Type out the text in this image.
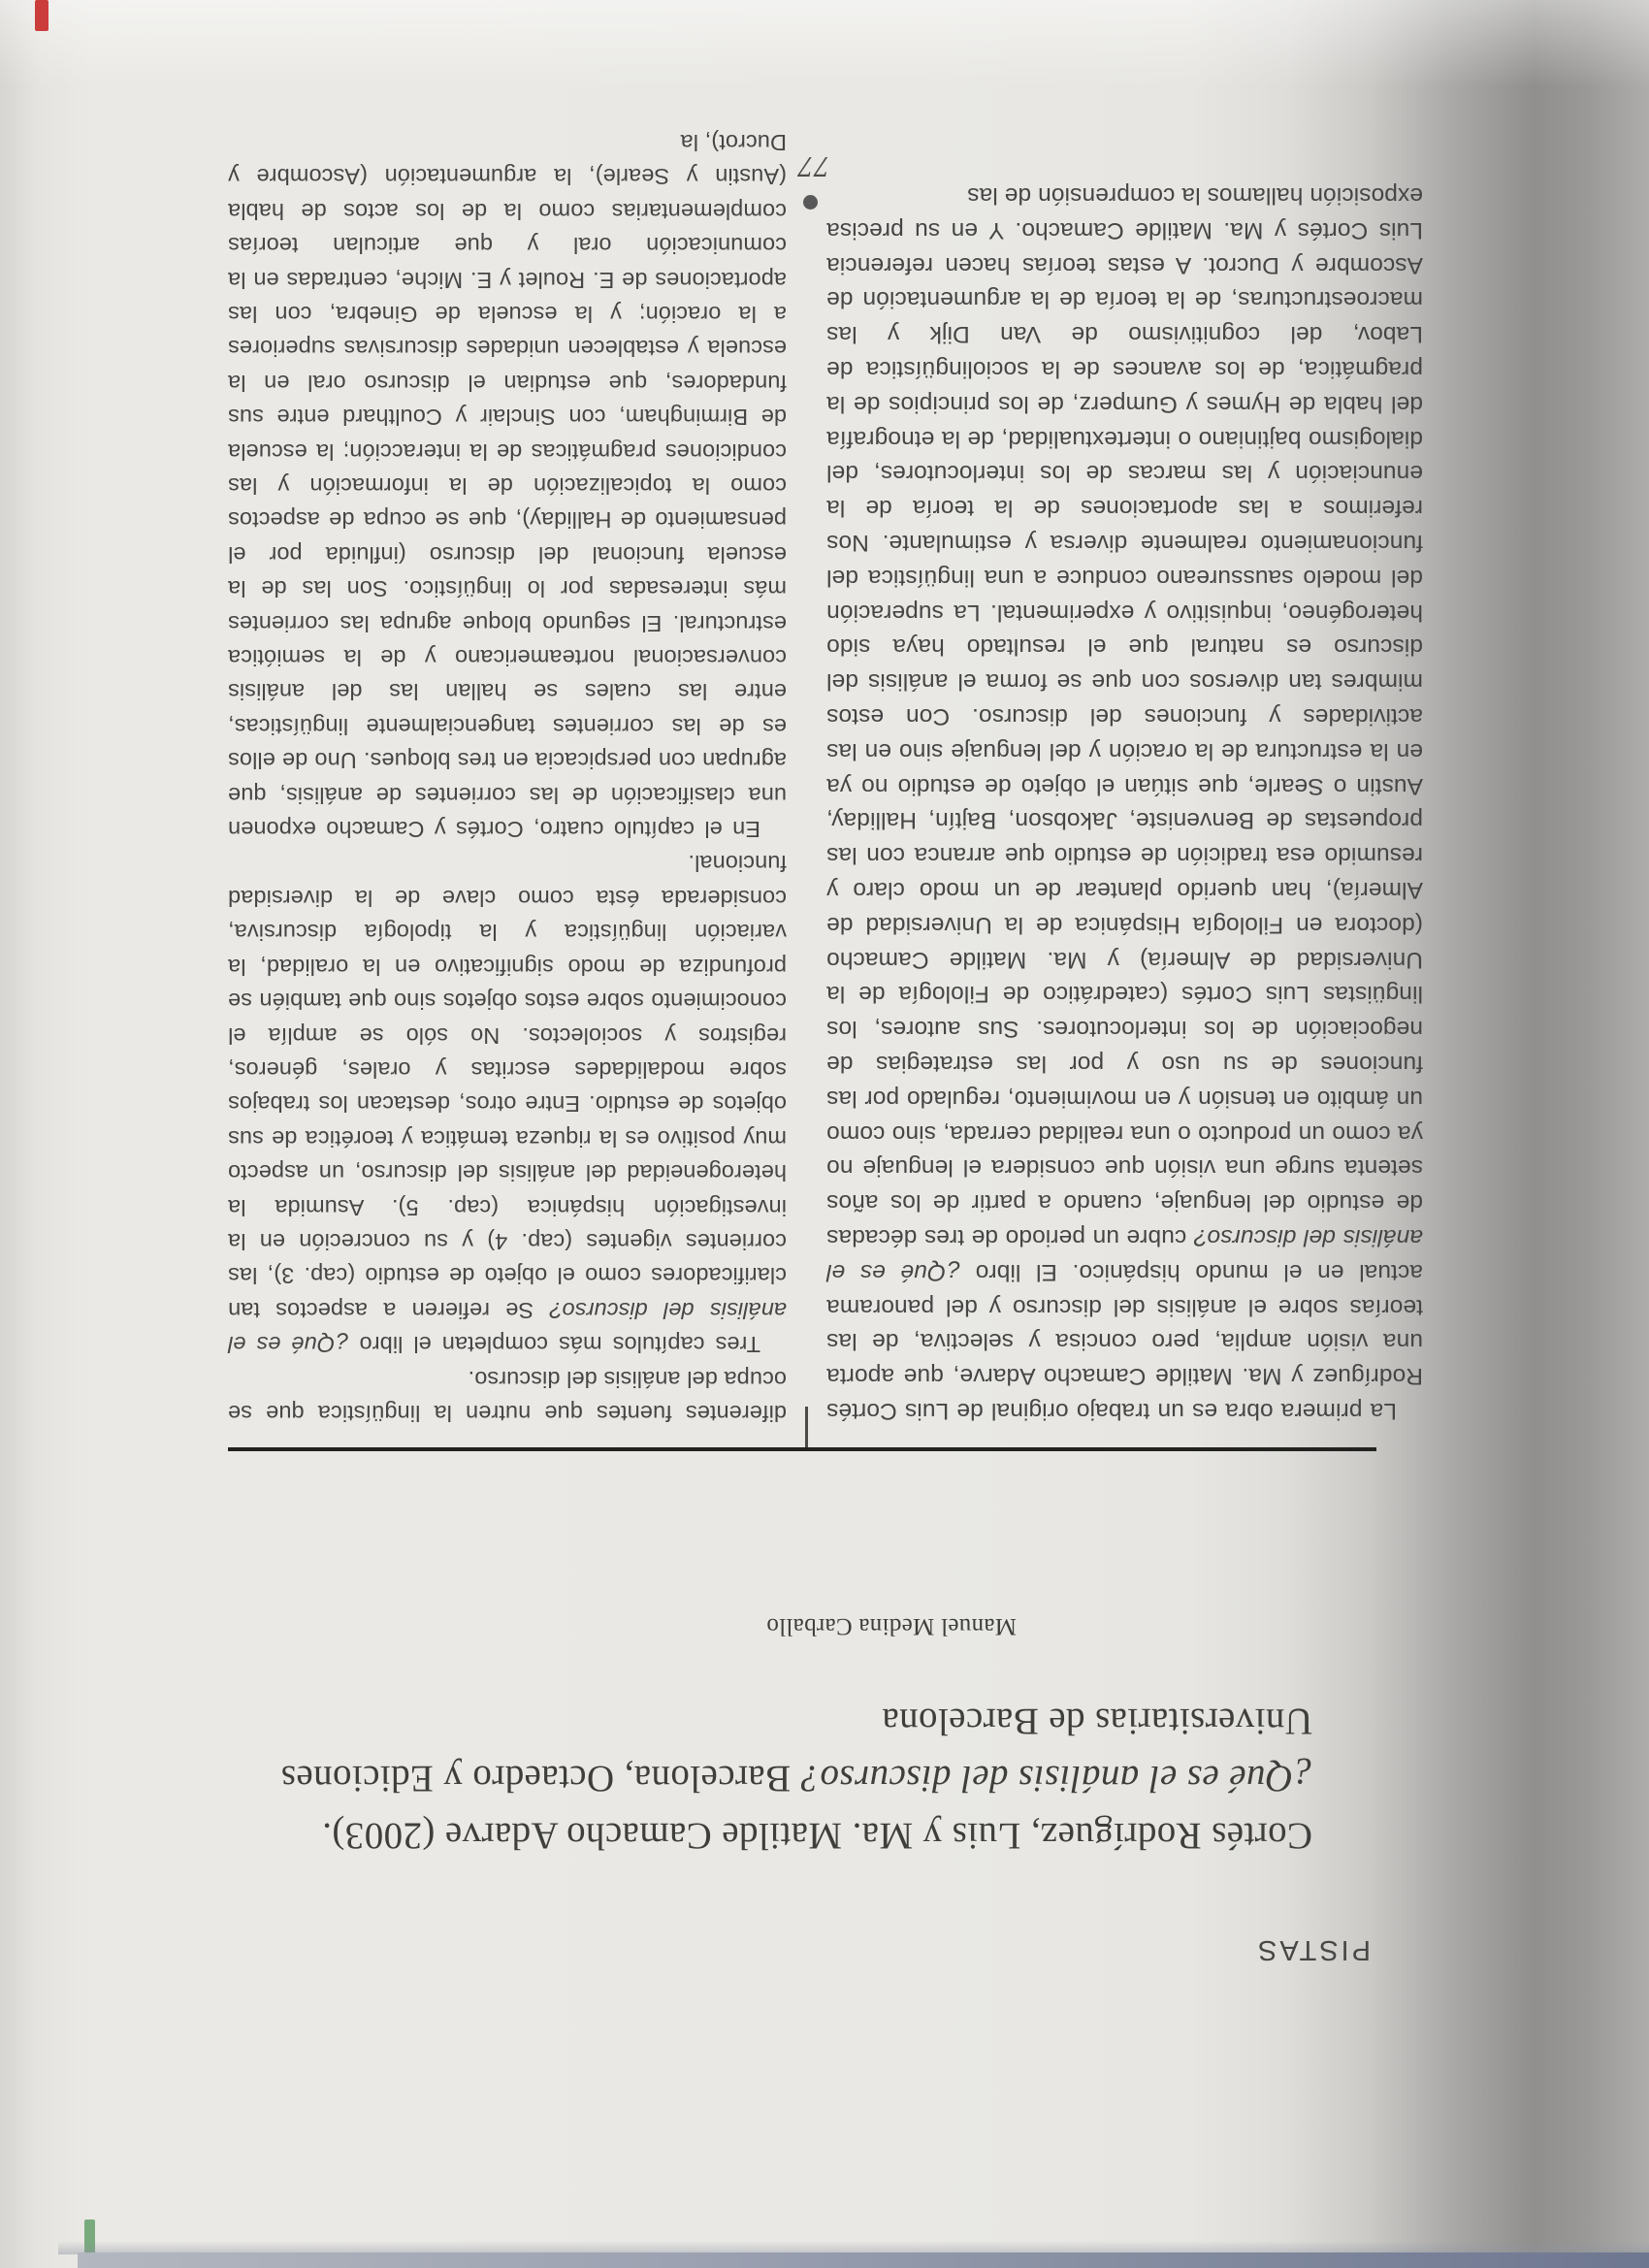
PISTAS
Cortés Rodríguez, Luis y Ma. Matilde Camacho Adarve (2003).
¿Qué es el análisis del discurso? Barcelona, Octaedro y Ediciones
Universitarias de Barcelona
Manuel Medina Carballo

La primera obra es un trabajo original de Luis Cortés Rodríguez y Ma. Matilde Camacho Adarve, que aporta una visión amplia, pero concisa y selectiva, de las teorías sobre el análisis del discurso y del panorama actual en el mundo hispánico. El libro ¿Qué es el análisis del discurso? cubre un periodo de tres décadas de estudio del lenguaje, cuando a partir de los años setenta surge una visión que considera el lenguaje no ya como un producto o una realidad cerrada, sino como un ámbito en tensión y en movimiento, regulado por las funciones de su uso y por las estrategias de negociación de los interlocutores. Sus autores, los lingüistas Luis Cortés (catedrático de Filología de la Universidad de Almería) y Ma. Matilde Camacho (doctora en Filología Hispánica de la Universidad de Almería), han querido plantear de un modo claro y resumido esa tradición de estudio que arranca con las propuestas de Benveniste, Jakobson, Bajtín, Halliday, Austin o Searle, que sitúan el objeto de estudio no ya en la estructura de la oración y del lenguaje sino en las actividades y funciones del discurso. Con estos mimbres tan diversos con que se forma el análisis del discurso es natural que el resultado haya sido heterogéneo, inquisitivo y experimental. La superación del modelo saussureano conduce a una lingüística del funcionamiento realmente diversa y estimulante. Nos referimos a las aportaciones de la teoría de la enunciación y las marcas de los interlocutores, del dialogismo bajtiniano o intertextualidad, de la etnografía del habla de Hymes y Gumperz, de los principios de la pragmática, de los avances de la sociolingüística de Labov, del cognitivismo de Van Dijk y las macroestructuras, de la teoría de la argumentación de Ascombre y Ducrot. A estas teorías hacen referencia Luis Cortés y Ma. Matilde Camacho. Y en su precisa exposición hallamos la comprensión de las

diferentes fuentes que nutren la lingüística que se ocupa del análisis del discurso.

Tres capítulos más completan el libro ¿Qué es el análisis del discurso? Se refieren a aspectos tan clarificadores como el objeto de estudio (cap. 3), las corrientes vigentes (cap. 4) y su concreción en la investigación hispánica (cap. 5). Asumida la heterogeneidad del análisis del discurso, un aspecto muy positivo es la riqueza temática y teorética de sus objetos de estudio. Entre otros, destacan los trabajos sobre modalidades escritas y orales, géneros, registros y sociolectos. No sólo se amplía el conocimiento sobre estos objetos sino que también se profundiza de modo significativo en la oralidad, la variación lingüística y la tipología discursiva, considerada ésta como clave de la diversidad funcional.

En el capítulo cuatro, Cortés y Camacho exponen una clasificación de las corrientes de análisis, que agrupan con perspicacia en tres bloques. Uno de ellos es de las corrientes tangencialmente lingüísticas, entre las cuales se hallan las del análisis conversacional norteamericano y de la semiótica estructural. El segundo bloque agrupa las corrientes más interesadas por lo lingüístico. Son las de la escuela funcional del discurso (influida por el pensamiento de Halliday), que se ocupa de aspectos como la topicalización de la información y las condiciones pragmáticas de la interacción; la escuela de Birmingham, con Sinclair y Coulthard entre sus fundadores, que estudian el discurso oral en la escuela y establecen unidades discursivas superiores a la oración; y la escuela de Ginebra, con las aportaciones de E. Roulet y E. Miche, centradas en la comunicación oral y que articulan teorías complementarias como la de los actos de habla (Austin y Searle), la argumentación (Ascombre y Ducrot), la

77
